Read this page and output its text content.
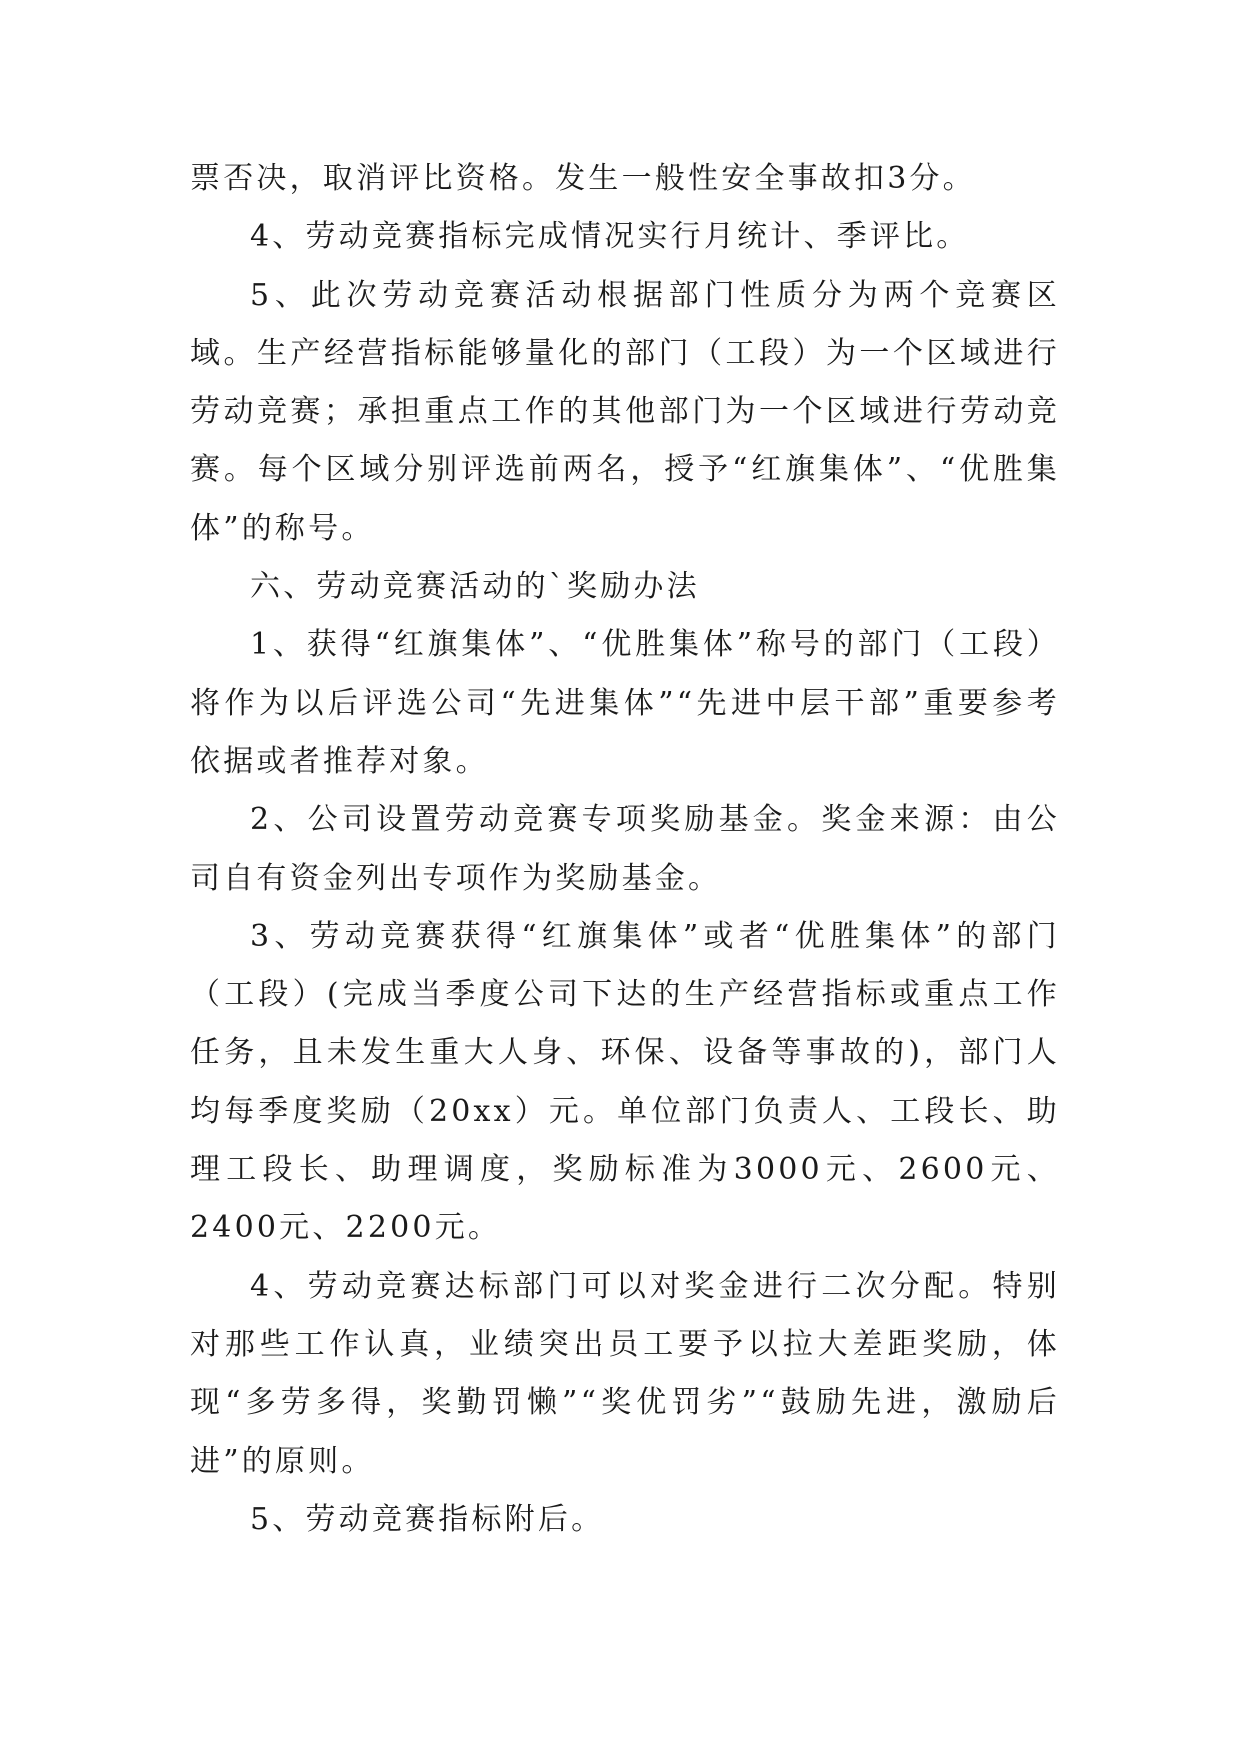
票否决，取消评比资格。发生一般性安全事故扣3分。

4、劳动竞赛指标完成情况实行月统计、季评比。

5、此次劳动竞赛活动根据部门性质分为两个竞赛区域。生产经营指标能够量化的部门（工段）为一个区域进行劳动竞赛；承担重点工作的其他部门为一个区域进行劳动竞赛。每个区域分别评选前两名，授予“红旗集体”、“优胜集体”的称号。

六、劳动竞赛活动的`奖励办法

1、获得“红旗集体”、“优胜集体”称号的部门（工段）将作为以后评选公司“先进集体”“先进中层干部”重要参考依据或者推荐对象。

2、公司设置劳动竞赛专项奖励基金。奖金来源：由公司自有资金列出专项作为奖励基金。

3、劳动竞赛获得“红旗集体”或者“优胜集体”的部门（工段）(完成当季度公司下达的生产经营指标或重点工作任务，且未发生重大人身、环保、设备等事故的)，部门人均每季度奖励（20xx）元。单位部门负责人、工段长、助理工段长、助理调度，奖励标准为3000元、2600元、2400元、2200元。

4、劳动竞赛达标部门可以对奖金进行二次分配。特别对那些工作认真，业绩突出员工要予以拉大差距奖励，体现“多劳多得，奖勤罚懒”“奖优罚劣”“鼓励先进，激励后进”的原则。

5、劳动竞赛指标附后。
